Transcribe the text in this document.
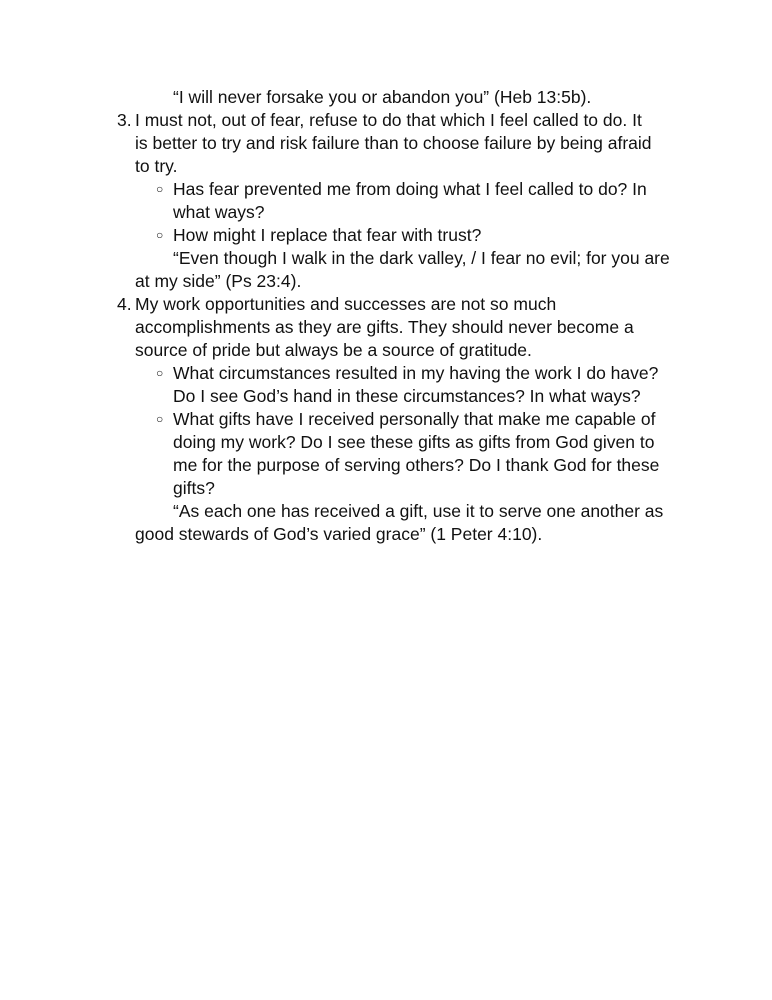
“I will never forsake you or abandon you” (Heb 13:5b).
3. I must not, out of fear, refuse to do that which I feel called to do. It is better to try and risk failure than to choose failure by being afraid to try.
○ Has fear prevented me from doing what I feel called to do? In what ways?
○ How might I replace that fear with trust?
“Even though I walk in the dark valley, / I fear no evil; for you are at my side” (Ps 23:4).
4. My work opportunities and successes are not so much accomplishments as they are gifts. They should never become a source of pride but always be a source of gratitude.
○ What circumstances resulted in my having the work I do have? Do I see God’s hand in these circumstances? In what ways?
○ What gifts have I received personally that make me capable of doing my work? Do I see these gifts as gifts from God given to me for the purpose of serving others? Do I thank God for these gifts?
“As each one has received a gift, use it to serve one another as good stewards of God’s varied grace” (1 Peter 4:10).
